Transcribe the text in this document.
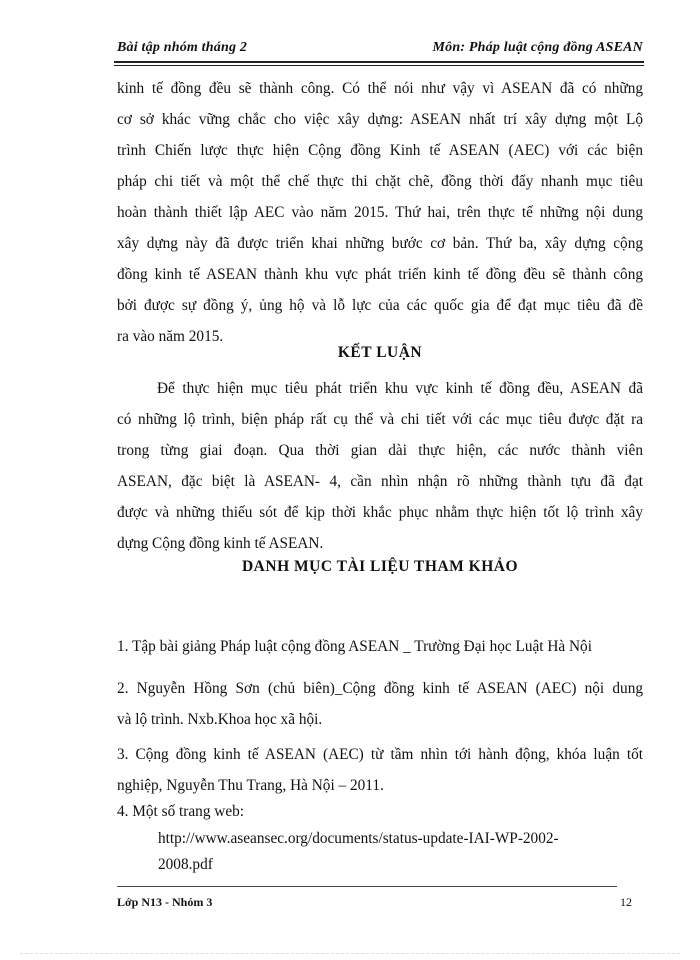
Bài tập nhóm tháng 2	Môn: Pháp luật cộng đồng ASEAN
kinh tế đồng đều sẽ thành công. Có thể nói như vậy vì ASEAN đã có những
cơ sở khác vững chắc cho việc xây dựng: ASEAN nhất trí xây dựng một Lộ
trình Chiến lược thực hiện Cộng đồng Kinh tế ASEAN (AEC) với các biện
pháp chi tiết và một thể chế thực thi chặt chẽ, đồng thời đẩy nhanh mục tiêu
hoàn thành thiết lập AEC vào năm 2015. Thứ hai, trên thực tế những nội dung
xây dựng này đã được triển khai những bước cơ bản. Thứ ba, xây dựng cộng
đồng kinh tế ASEAN thành khu vực phát triển kinh tế đồng đều sẽ thành công
bởi được sự đồng ý, ủng hộ và lỗ lực của các quốc gia để đạt mục tiêu đã đề
ra vào năm 2015.
KẾT LUẬN
Để thực hiện mục tiêu phát triển khu vực kinh tế đồng đều, ASEAN đã
có những lộ trình, biện pháp rất cụ thể và chi tiết với các mục tiêu được đặt ra
trong từng giai đoạn. Qua thời gian dài thực hiện, các nước thành viên
ASEAN, đặc biệt là ASEAN- 4, cần nhìn nhận rõ những thành tựu đã đạt
được và những thiếu sót để kịp thời khắc phục nhằm thực hiện tốt lộ trình xây
dựng Cộng đồng kinh tế ASEAN.
DANH MỤC TÀI LIỆU THAM KHẢO
1. Tập bài giảng Pháp luật cộng đồng ASEAN _ Trường Đại học Luật Hà Nội
2. Nguyễn Hồng Sơn (chủ biên)_Cộng đồng kinh tế ASEAN (AEC) nội dung
và lộ trình. Nxb.Khoa học xã hội.
3. Cộng đồng kinh tế ASEAN (AEC) từ tầm nhìn tới hành động, khóa luận tốt
nghiệp, Nguyễn Thu Trang, Hà Nội – 2011.
4. Một số trang web:
http://www.aseansec.org/documents/status-update-IAI-WP-2002-
2008.pdf
Lớp N13 - Nhóm 3	12
